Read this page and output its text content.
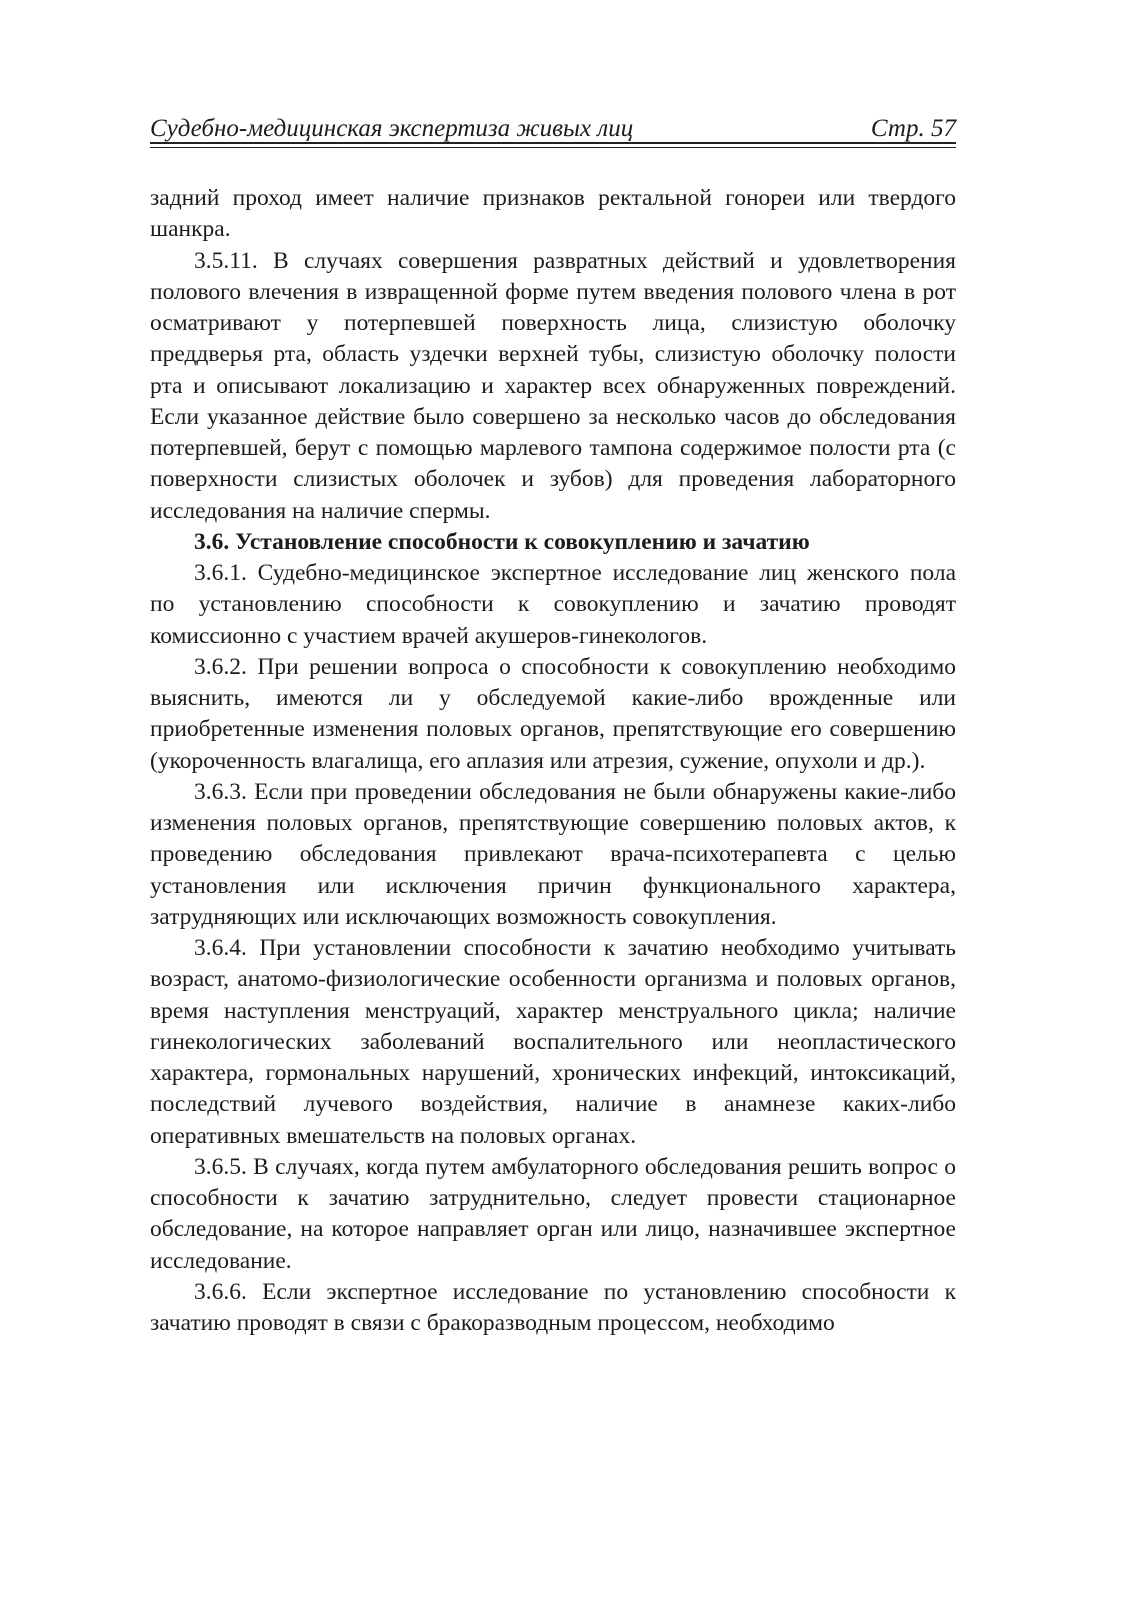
Судебно-медицинская экспертиза живых лиц	Стр. 57

задний проход имеет наличие признаков ректальной гонореи или твердого шанкра.

3.5.11. В случаях совершения развратных действий и удовлетворения полового влечения в извращенной форме путем введения полового члена в рот осматривают у потерпевшей поверхность лица, слизистую оболочку преддверья рта, область уздечки верхней тубы, слизистую оболочку полости рта и описывают локализацию и характер всех обнаруженных повреждений. Если указанное действие было совершено за несколько часов до обследования потерпевшей, берут с помощью марлевого тампона содержимое полости рта (с поверхности слизистых оболочек и зубов) для проведения лабораторного исследования на наличие спермы.

3.6. Установление способности к совокуплению и зачатию

3.6.1. Судебно-медицинское экспертное исследование лиц женского пола по установлению способности к совокуплению и зачатию проводят комиссионно с участием врачей акушеров-гинекологов.

3.6.2. При решении вопроса о способности к совокуплению необходимо выяснить, имеются ли у обследуемой какие-либо врожденные или приобретенные изменения половых органов, препятствующие его совершению (укороченность влагалища, его аплазия или атрезия, сужение, опухоли и др.).

3.6.3. Если при проведении обследования не были обнаружены какие-либо изменения половых органов, препятствующие совершению половых актов, к проведению обследования привлекают врача-психотерапевта с целью установления или исключения причин функционального характера, затрудняющих или исключающих возможность совокупления.

3.6.4. При установлении способности к зачатию необходимо учитывать возраст, анатомо-физиологические особенности организма и половых органов, время наступления менструаций, характер менструального цикла; наличие гинекологических заболеваний воспалительного или неопластического характера, гормональных нарушений, хронических инфекций, интоксикаций, последствий лучевого воздействия, наличие в анамнезе каких-либо оперативных вмешательств на половых органах.

3.6.5. В случаях, когда путем амбулаторного обследования решить вопрос о способности к зачатию затруднительно, следует провести стационарное обследование, на которое направляет орган или лицо, назначившее экспертное исследование.

3.6.6. Если экспертное исследование по установлению способности к зачатию проводят в связи с бракоразводным процессом, необходимо
